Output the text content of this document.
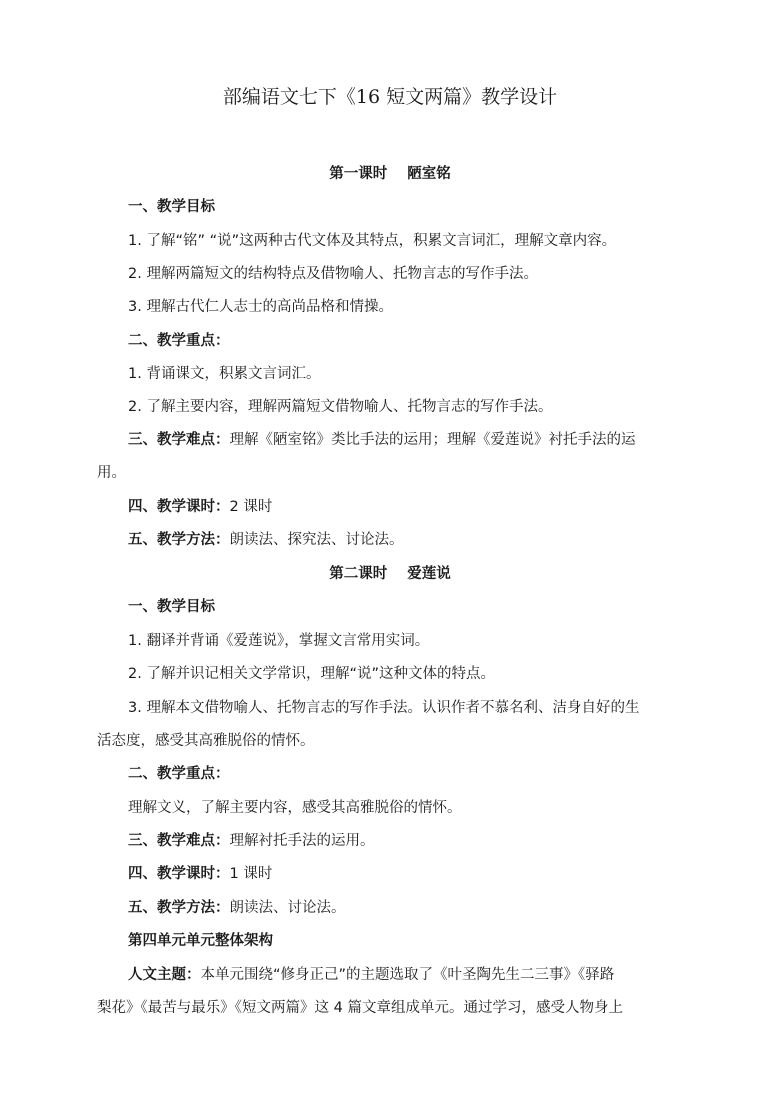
部编语文七下《16 短文两篇》教学设计
第一课时 陋室铭
一、教学目标
1. 了解“铭” “说”这两种古代文体及其特点，积累文言词汇，理解文章内容。
2. 理解两篇短文的结构特点及借物喻人、托物言志的写作手法。
3. 理解古代仁人志士的高尚品格和情操。
二、教学重点：
1. 背诵课文，积累文言词汇。
2. 了解主要内容，理解两篇短文借物喻人、托物言志的写作手法。
三、教学难点：理解《陋室铭》类比手法的运用；理解《爱莲说》衬托手法的运
用。
四、教学课时：2 课时
五、教学方法：朗读法、探究法、讨论法。
第二课时 爱莲说
一、教学目标
1. 翻译并背诵《爱莲说》，掌握文言常用实词。
2. 了解并识记相关文学常识，理解“说”这种文体的特点。
3. 理解本文借物喻人、托物言志的写作手法。认识作者不慕名利、洁身自好的生
活态度，感受其高雅脱俗的情怀。
二、教学重点：
理解文义，了解主要内容，感受其高雅脱俗的情怀。
三、教学难点：理解衬托手法的运用。
四、教学课时：1 课时
五、教学方法：朗读法、讨论法。
第四单元单元整体架构
人文主题：本单元围绕“修身正己”的主题选取了《叶圣陶先生二三事》《驿路
梨花》《最苦与最乐》《短文两篇》这 4 篇文章组成单元。通过学习，感受人物身上
